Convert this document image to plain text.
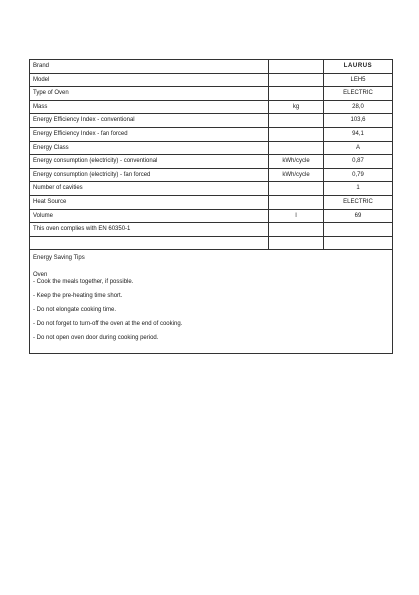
Brand		LAURUS
Model		LEH5
Type of Oven		ELECTRIC
Mass	kg	28,0
Energy Efficiency Index - conventional		103,6
Energy Efficiency Index - fan forced		94,1
Energy Class		A
Energy consumption (electricity) - conventional	kWh/cycle	0,87
Energy consumption (electricity) - fan forced	kWh/cycle	0,79
Number of cavities		1
Heat Source		ELECTRIC
Volume	l	69
This oven complies with EN 60350-1		

Energy Saving Tips
Oven
- Cook the meals together, if possible.
- Keep the pre-heating time short.
- Do not elongate cooking time.
- Do not forget to turn-off the oven at the end of cooking.
- Do not open oven door during cooking period.
